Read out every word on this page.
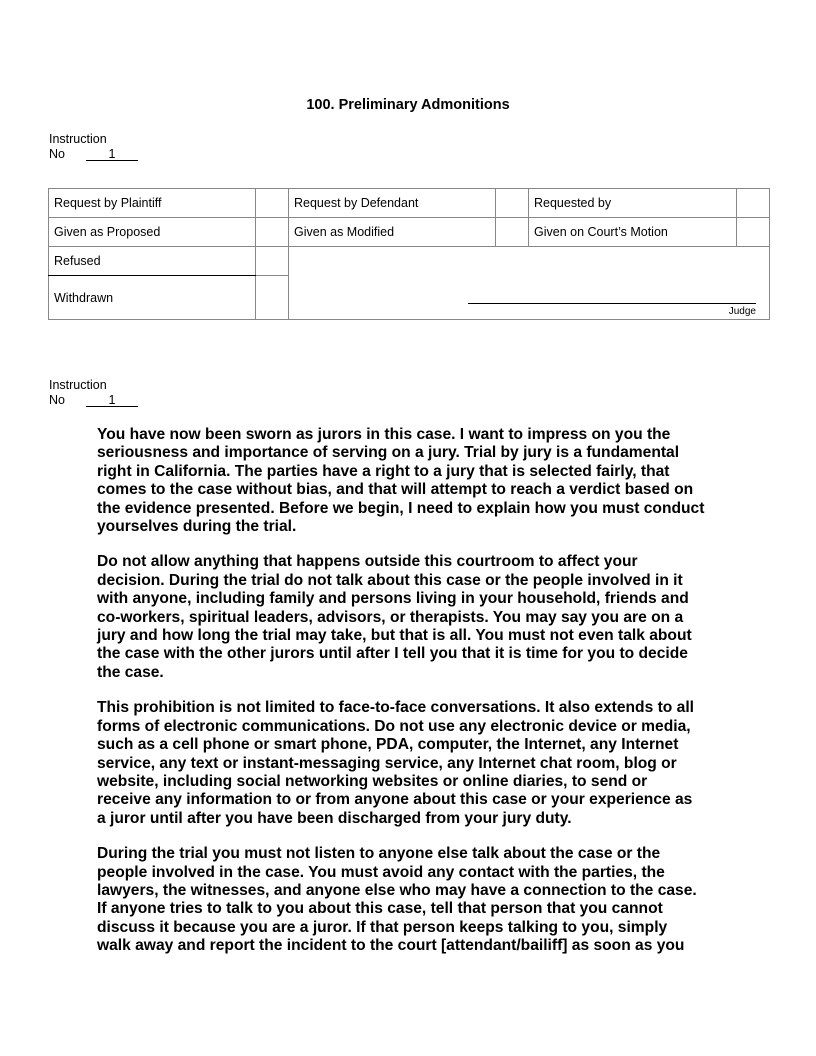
100. Preliminary Admonitions
Instruction
No	1
Request by Plaintiff		Request by Defendant		Requested by	
Given as Proposed		Given as Modified		Given on Court’s Motion	
Refused		Judge			

Withdrawn					
Instruction
No	1
You have now been sworn as jurors in this case. I want to impress on you the
seriousness and importance of serving on a jury. Trial by jury is a fundamental
right in California. The parties have a right to a jury that is selected fairly, that
comes to the case without bias, and that will attempt to reach a verdict based on
the evidence presented. Before we begin, I need to explain how you must conduct
yourselves during the trial.
Do not allow anything that happens outside this courtroom to affect your
decision. During the trial do not talk about this case or the people involved in it
with anyone, including family and persons living in your household, friends and
co-workers, spiritual leaders, advisors, or therapists. You may say you are on a
jury and how long the trial may take, but that is all. You must not even talk about
the case with the other jurors until after I tell you that it is time for you to decide
the case.
This prohibition is not limited to face-to-face conversations. It also extends to all
forms of electronic communications. Do not use any electronic device or media,
such as a cell phone or smart phone, PDA, computer, the Internet, any Internet
service, any text or instant-messaging service, any Internet chat room, blog or
website, including social networking websites or online diaries, to send or
receive any information to or from anyone about this case or your experience as
a juror until after you have been discharged from your jury duty.
During the trial you must not listen to anyone else talk about the case or the
people involved in the case. You must avoid any contact with the parties, the
lawyers, the witnesses, and anyone else who may have a connection to the case.
If anyone tries to talk to you about this case, tell that person that you cannot
discuss it because you are a juror. If that person keeps talking to you, simply
walk away and report the incident to the court [attendant/bailiff] as soon as you
